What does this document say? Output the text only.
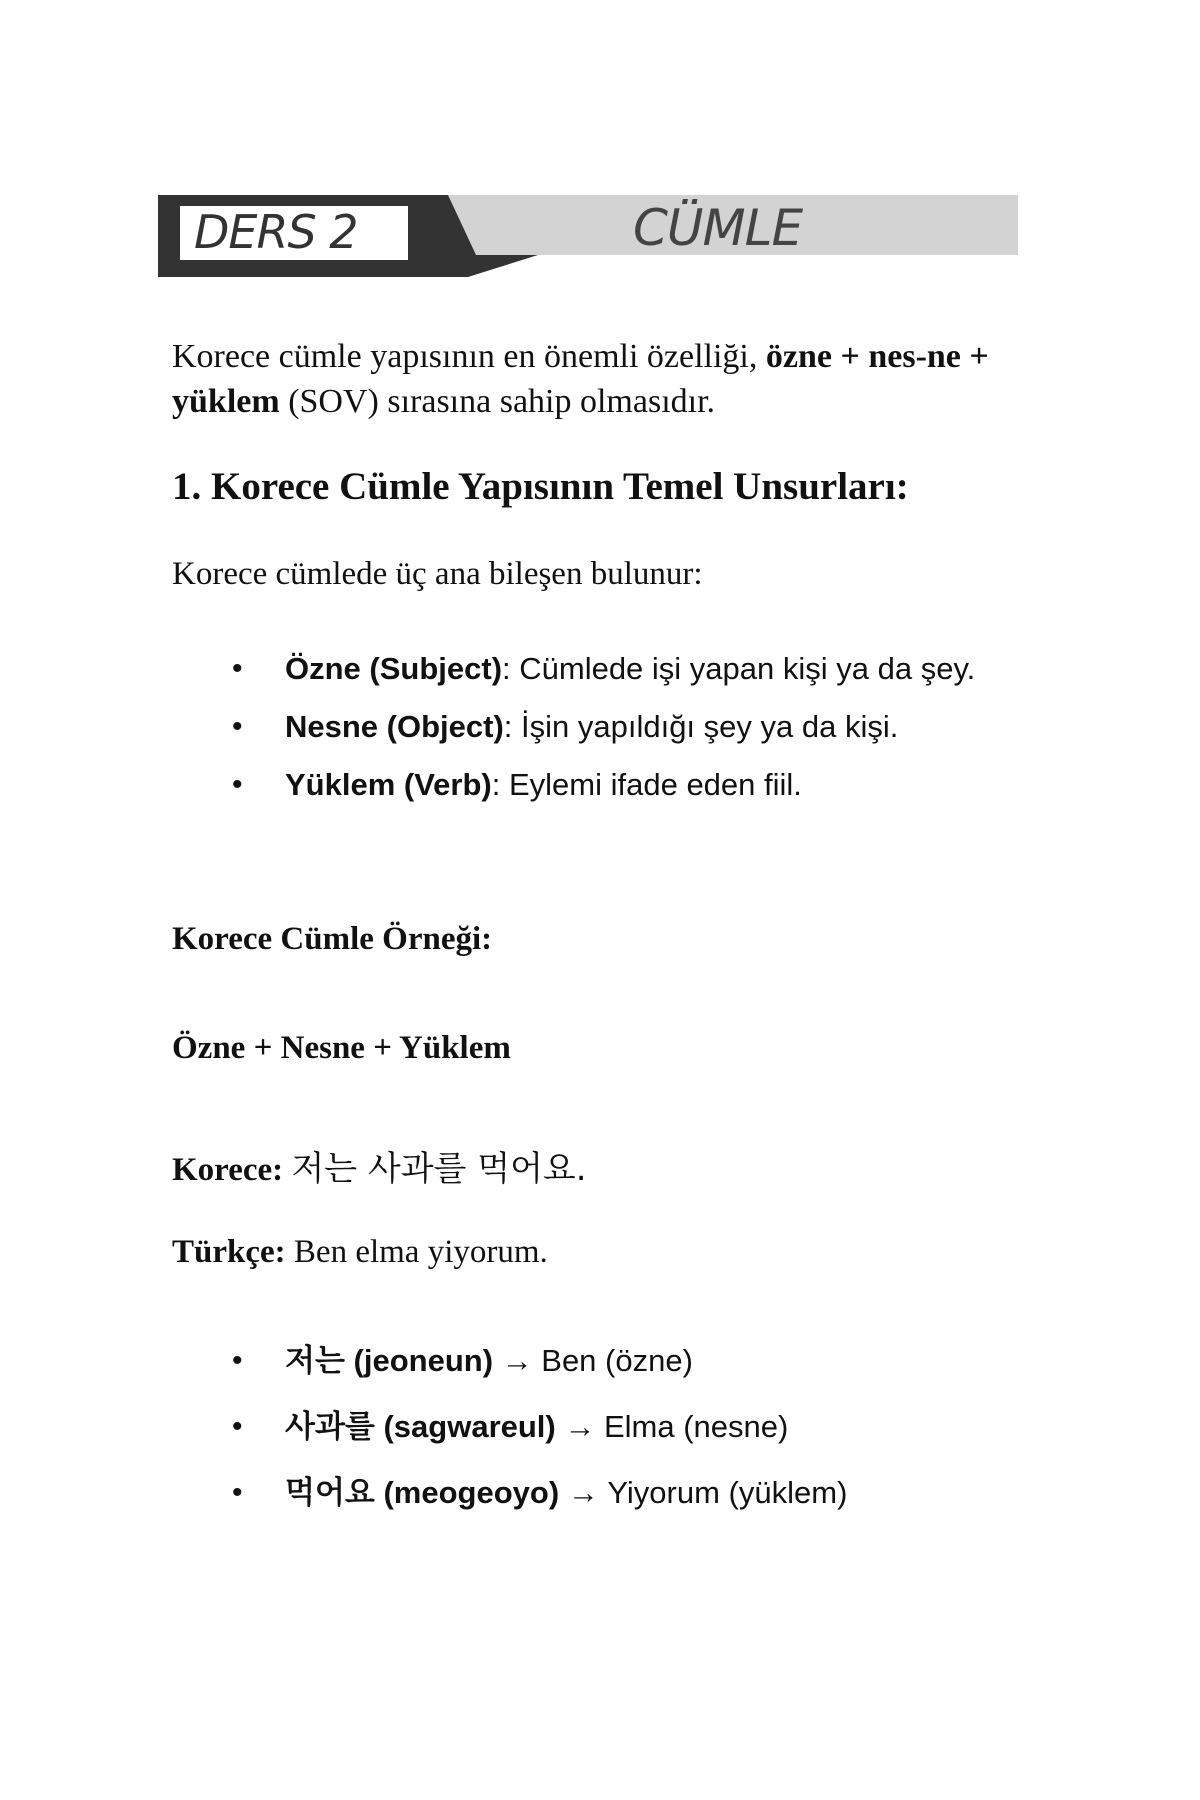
DERS 2	CÜMLE

Korece cümle yapısının en önemli özelliği, özne + nes-ne + yüklem (SOV) sırasına sahip olmasıdır.

1. Korece Cümle Yapısının Temel Unsurları:

Korece cümlede üç ana bileşen bulunur:

• Özne (Subject): Cümlede işi yapan kişi ya da şey.
• Nesne (Object): İşin yapıldığı şey ya da kişi.
• Yüklem (Verb): Eylemi ifade eden fiil.

Korece Cümle Örneği:

Özne + Nesne + Yüklem

Korece: 저는 사과를 먹어요.

Türkçe: Ben elma yiyorum.

• 저는 (jeoneun) → Ben (özne)
• 사과를 (sagwareul) → Elma (nesne)
• 먹어요 (meogeoyo) → Yiyorum (yüklem)
